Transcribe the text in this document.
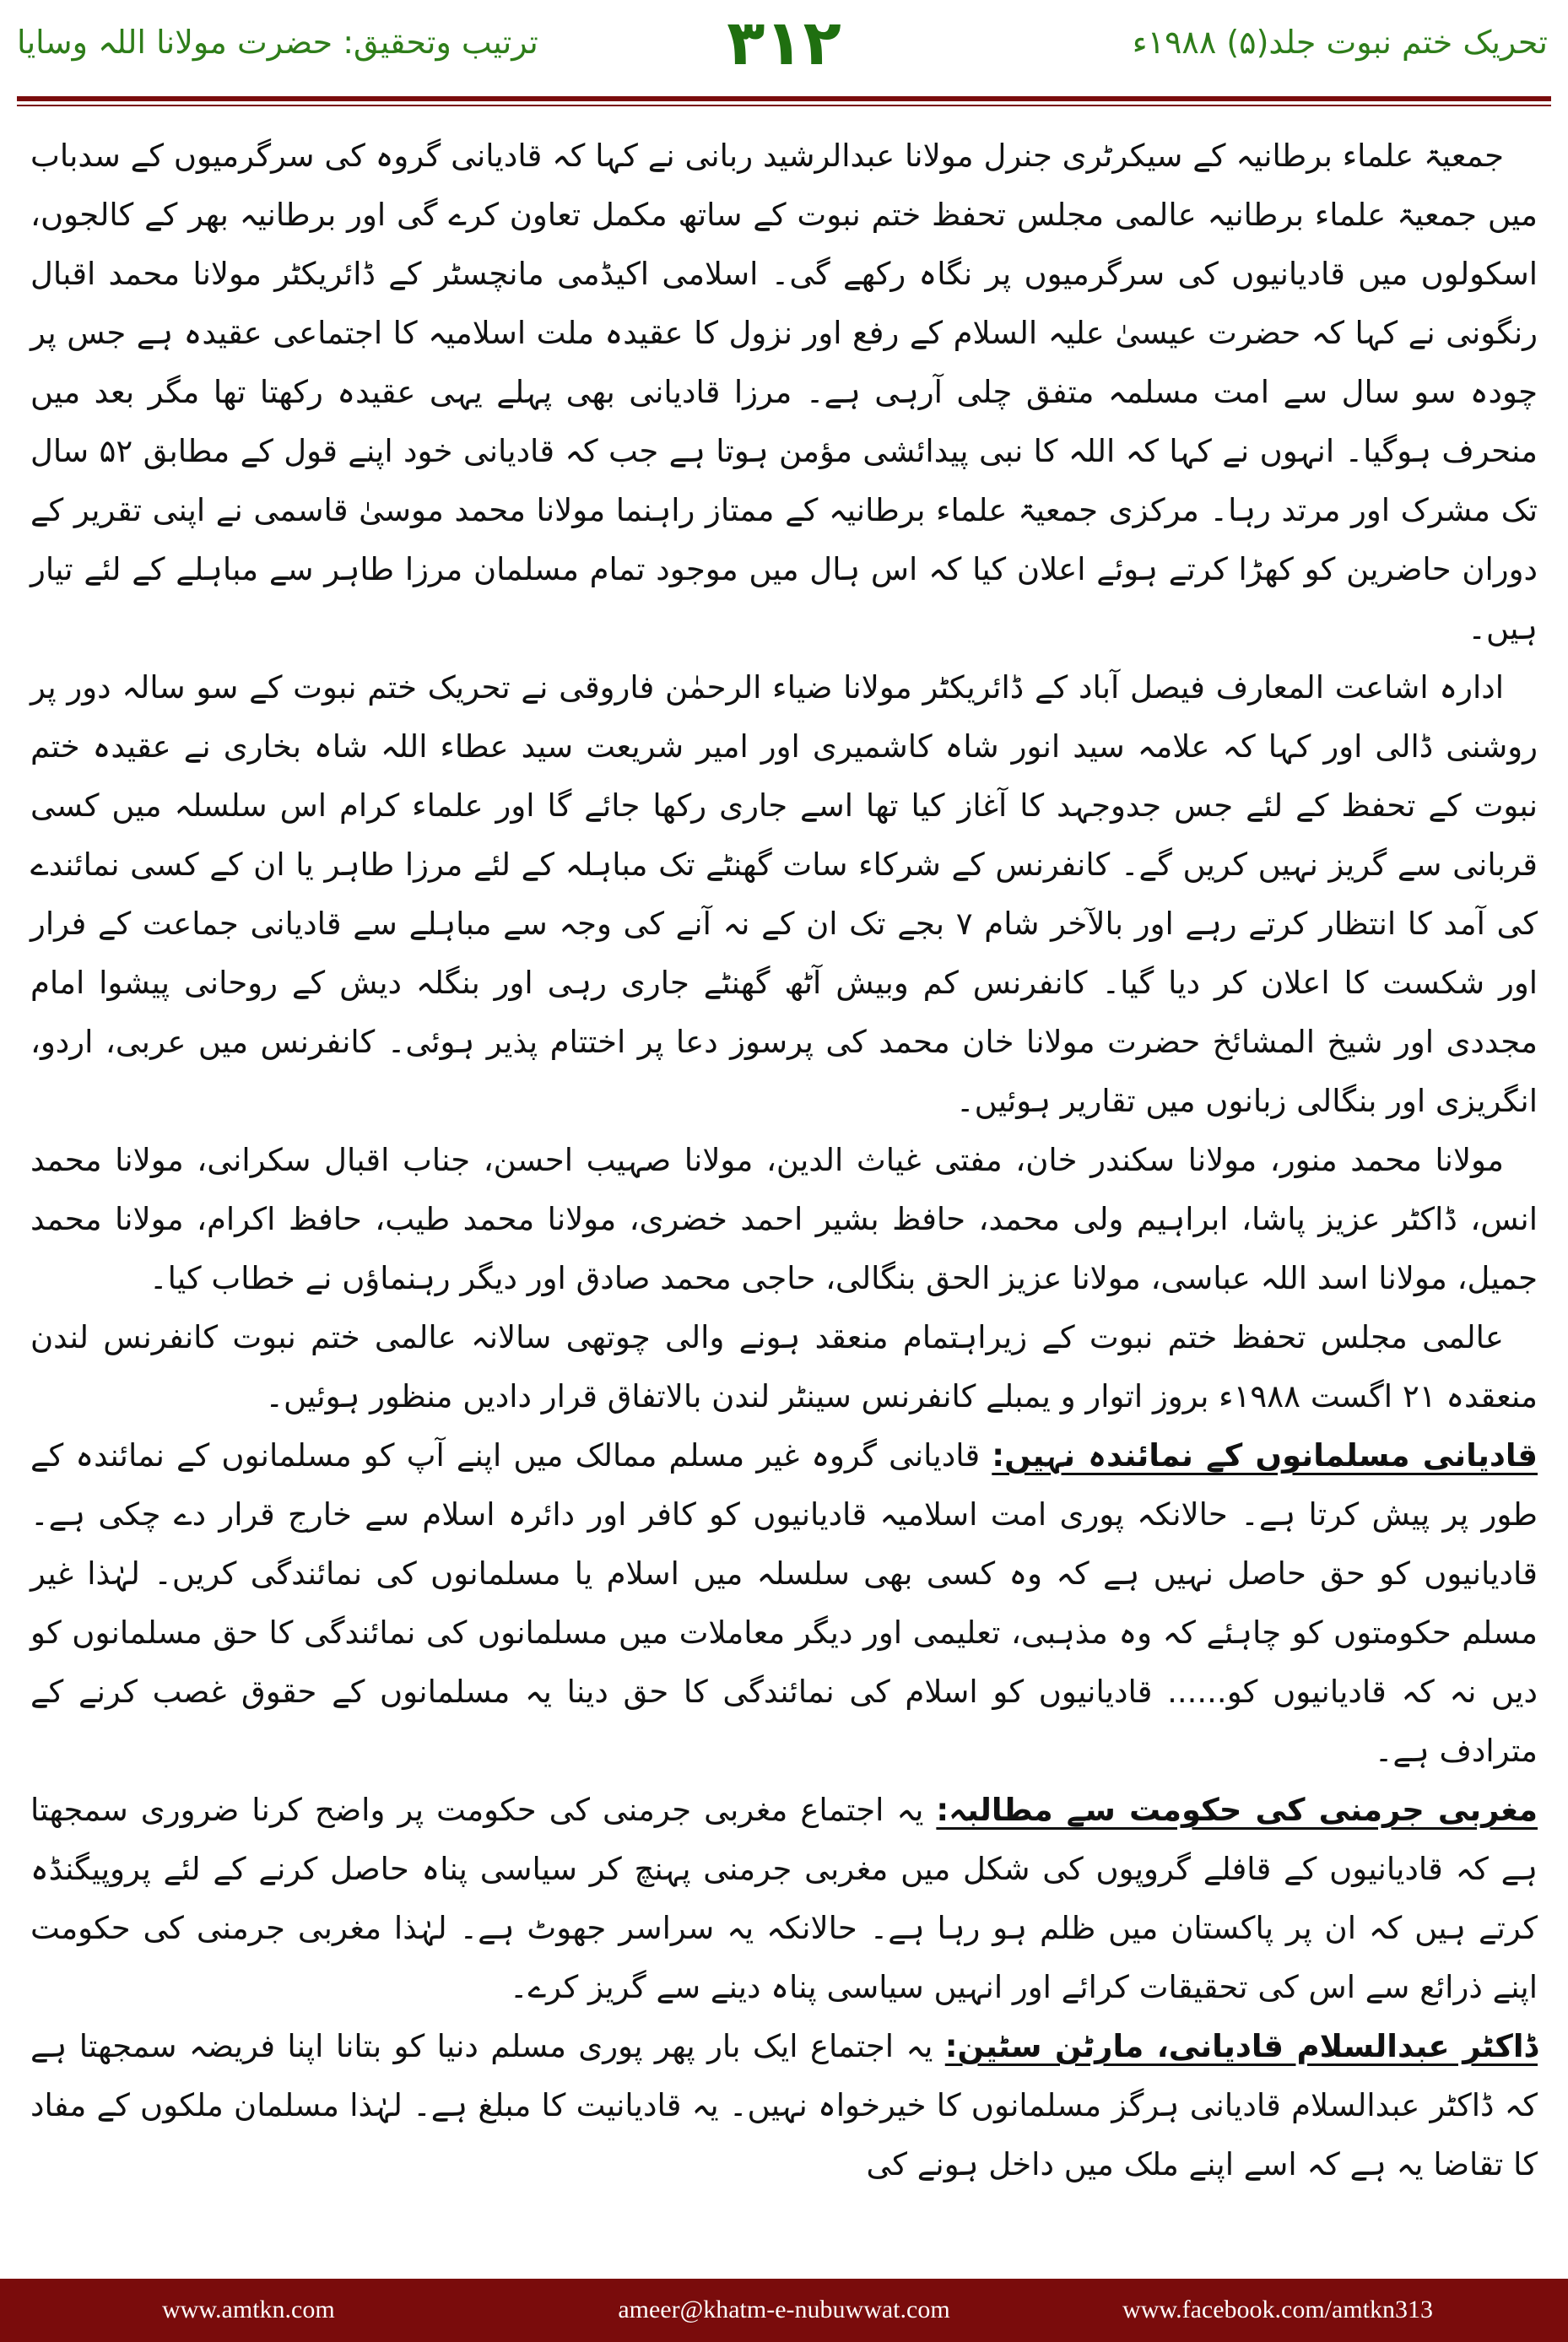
ترتیب وتحقیق: حضرت مولانا اللہ وسایا	۳۱۲	تحریک ختم نبوت جلد(۵) ۱۹۸۸ء

جمعیۃ علماء برطانیہ کے سیکرٹری جنرل مولانا عبدالرشید ربانی نے کہا کہ قادیانی گروہ کی سرگرمیوں کے سدباب میں جمعیۃ علماء برطانیہ عالمی مجلس تحفظ ختم نبوت کے ساتھ مکمل تعاون کرے گی اور برطانیہ بھر کے کالجوں، اسکولوں میں قادیانیوں کی سرگرمیوں پر نگاہ رکھے گی۔ اسلامی اکیڈمی مانچسٹر کے ڈائریکٹر مولانا محمد اقبال رنگونی نے کہا کہ حضرت عیسیٰ علیہ السلام کے رفع اور نزول کا عقیدہ ملت اسلامیہ کا اجتماعی عقیدہ ہے جس پر چودہ سو سال سے امت مسلمہ متفق چلی آرہی ہے۔ مرزا قادیانی بھی پہلے یہی عقیدہ رکھتا تھا مگر بعد میں منحرف ہوگیا۔ انہوں نے کہا کہ اللہ کا نبی پیدائشی مؤمن ہوتا ہے جب کہ قادیانی خود اپنے قول کے مطابق ۵۲ سال تک مشرک اور مرتد رہا۔ مرکزی جمعیۃ علماء برطانیہ کے ممتاز راہنما مولانا محمد موسیٰ قاسمی نے اپنی تقریر کے دوران حاضرین کو کھڑا کرتے ہوئے اعلان کیا کہ اس ہال میں موجود تمام مسلمان مرزا طاہر سے مباہلے کے لئے تیار ہیں۔

ادارہ اشاعت المعارف فیصل آباد کے ڈائریکٹر مولانا ضیاء الرحمٰن فاروقی نے تحریک ختم نبوت کے سو سالہ دور پر روشنی ڈالی اور کہا کہ علامہ سید انور شاہ کاشمیری اور امیر شریعت سید عطاء اللہ شاہ بخاری نے عقیدہ ختم نبوت کے تحفظ کے لئے جس جدوجہد کا آغاز کیا تھا اسے جاری رکھا جائے گا اور علماء کرام اس سلسلہ میں کسی قربانی سے گریز نہیں کریں گے۔ کانفرنس کے شرکاء سات گھنٹے تک مباہلہ کے لئے مرزا طاہر یا ان کے کسی نمائندے کی آمد کا انتظار کرتے رہے اور بالآخر شام ۷ بجے تک ان کے نہ آنے کی وجہ سے مباہلے سے قادیانی جماعت کے فرار اور شکست کا اعلان کر دیا گیا۔ کانفرنس کم وبیش آٹھ گھنٹے جاری رہی اور بنگلہ دیش کے روحانی پیشوا امام مجددی اور شیخ المشائخ حضرت مولانا خان محمد کی پرسوز دعا پر اختتام پذیر ہوئی۔ کانفرنس میں عربی، اردو، انگریزی اور بنگالی زبانوں میں تقاریر ہوئیں۔

مولانا محمد منور، مولانا سکندر خان، مفتی غیاث الدین، مولانا صہیب احسن، جناب اقبال سکرانی، مولانا محمد انس، ڈاکٹر عزیز پاشا، ابراہیم ولی محمد، حافظ بشیر احمد خضری، مولانا محمد طیب، حافظ اکرام، مولانا محمد جمیل، مولانا اسد اللہ عباسی، مولانا عزیز الحق بنگالی، حاجی محمد صادق اور دیگر رہنماؤں نے خطاب کیا۔

عالمی مجلس تحفظ ختم نبوت کے زیراہتمام منعقد ہونے والی چوتھی سالانہ عالمی ختم نبوت کانفرنس لندن منعقدہ ۲۱ اگست ۱۹۸۸ء بروز اتوار و یمبلے کانفرنس سینٹر لندن بالاتفاق قرار دادیں منظور ہوئیں۔

قادیانی مسلمانوں کے نمائندہ نہیں: قادیانی گروہ غیر مسلم ممالک میں اپنے آپ کو مسلمانوں کے نمائندہ کے طور پر پیش کرتا ہے۔ حالانکہ پوری امت اسلامیہ قادیانیوں کو کافر اور دائرہ اسلام سے خارج قرار دے چکی ہے۔ قادیانیوں کو حق حاصل نہیں ہے کہ وہ کسی بھی سلسلہ میں اسلام یا مسلمانوں کی نمائندگی کریں۔ لہٰذا غیر مسلم حکومتوں کو چاہئے کہ وہ مذہبی، تعلیمی اور دیگر معاملات میں مسلمانوں کی نمائندگی کا حق مسلمانوں کو دیں نہ کہ قادیانیوں کو...... قادیانیوں کو اسلام کی نمائندگی کا حق دینا یہ مسلمانوں کے حقوق غصب کرنے کے مترادف ہے۔

مغربی جرمنی کی حکومت سے مطالبہ: یہ اجتماع مغربی جرمنی کی حکومت پر واضح کرنا ضروری سمجھتا ہے کہ قادیانیوں کے قافلے گروپوں کی شکل میں مغربی جرمنی پہنچ کر سیاسی پناہ حاصل کرنے کے لئے پروپیگنڈہ کرتے ہیں کہ ان پر پاکستان میں ظلم ہو رہا ہے۔ حالانکہ یہ سراسر جھوٹ ہے۔ لہٰذا مغربی جرمنی کی حکومت اپنے ذرائع سے اس کی تحقیقات کرائے اور انہیں سیاسی پناہ دینے سے گریز کرے۔

ڈاکٹر عبدالسلام قادیانی، مارٹن سٹین: یہ اجتماع ایک بار پھر پوری مسلم دنیا کو بتانا اپنا فریضہ سمجھتا ہے کہ ڈاکٹر عبدالسلام قادیانی ہرگز مسلمانوں کا خیرخواہ نہیں۔ یہ قادیانیت کا مبلغ ہے۔ لہٰذا مسلمان ملکوں کے مفاد کا تقاضا یہ ہے کہ اسے اپنے ملک میں داخل ہونے کی

www.amtkn.com	ameer@khatm-e-nubuwwat.com	www.facebook.com/amtkn313
